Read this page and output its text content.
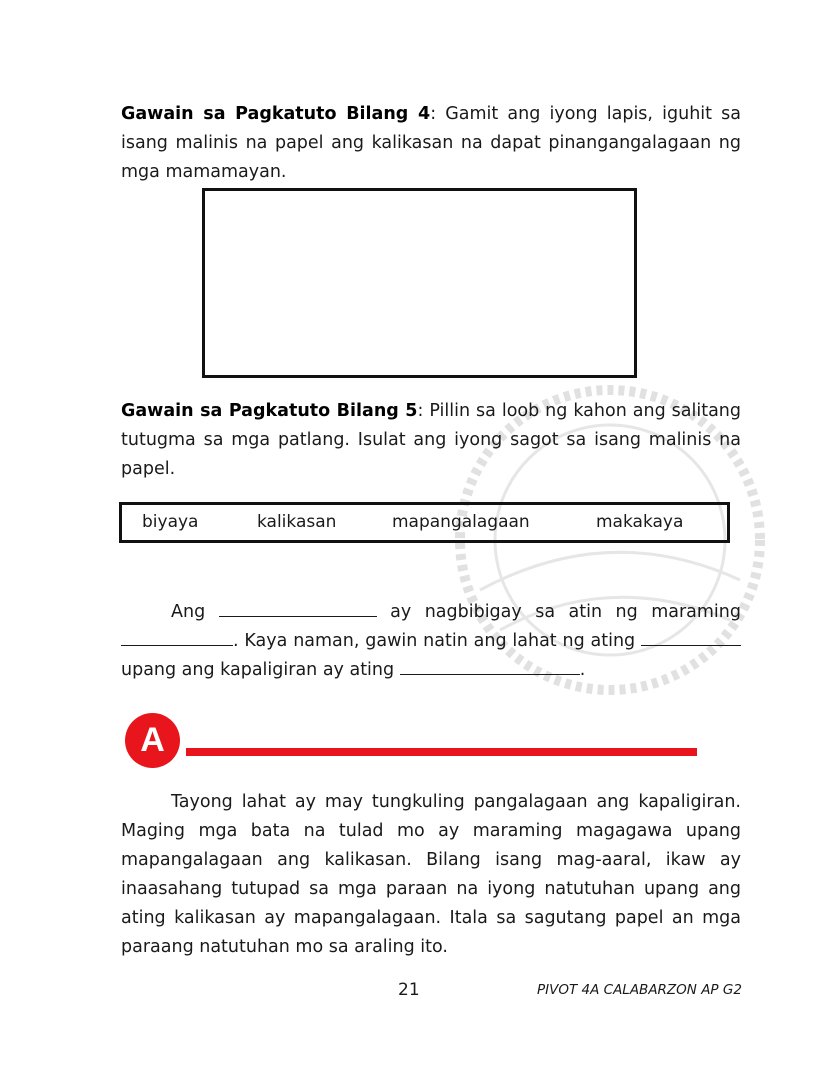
Gawain sa Pagkatuto Bilang 4: Gamit ang iyong lapis, iguhit sa isang malinis na papel ang kalikasan na dapat pinangangalagaan ng mga mamamayan.
Gawain sa Pagkatuto Bilang 5: Pillin sa loob ng kahon ang salitang tutugma sa mga patlang. Isulat ang iyong sagot sa isang malinis na papel.
biyaya	kalikasan	mapangalagaan	makakaya
Ang	ay nagbibigay sa atin ng maraming . Kaya naman, gawin natin ang lahat ng ating  upang ang kapaligiran ay ating	.
A
Tayong lahat ay may tungkuling pangalagaan ang kapaligiran. Maging mga bata na tulad mo ay maraming magagawa upang mapangalagaan ang kalikasan. Bilang isang mag-aaral, ikaw ay inaasahang tutupad sa mga paraan na iyong natutuhan upang ang ating kalikasan ay mapangalagaan. Itala sa sagutang papel an mga paraang natutuhan mo sa araling ito.
21	PIVOT 4A CALABARZON AP G2
